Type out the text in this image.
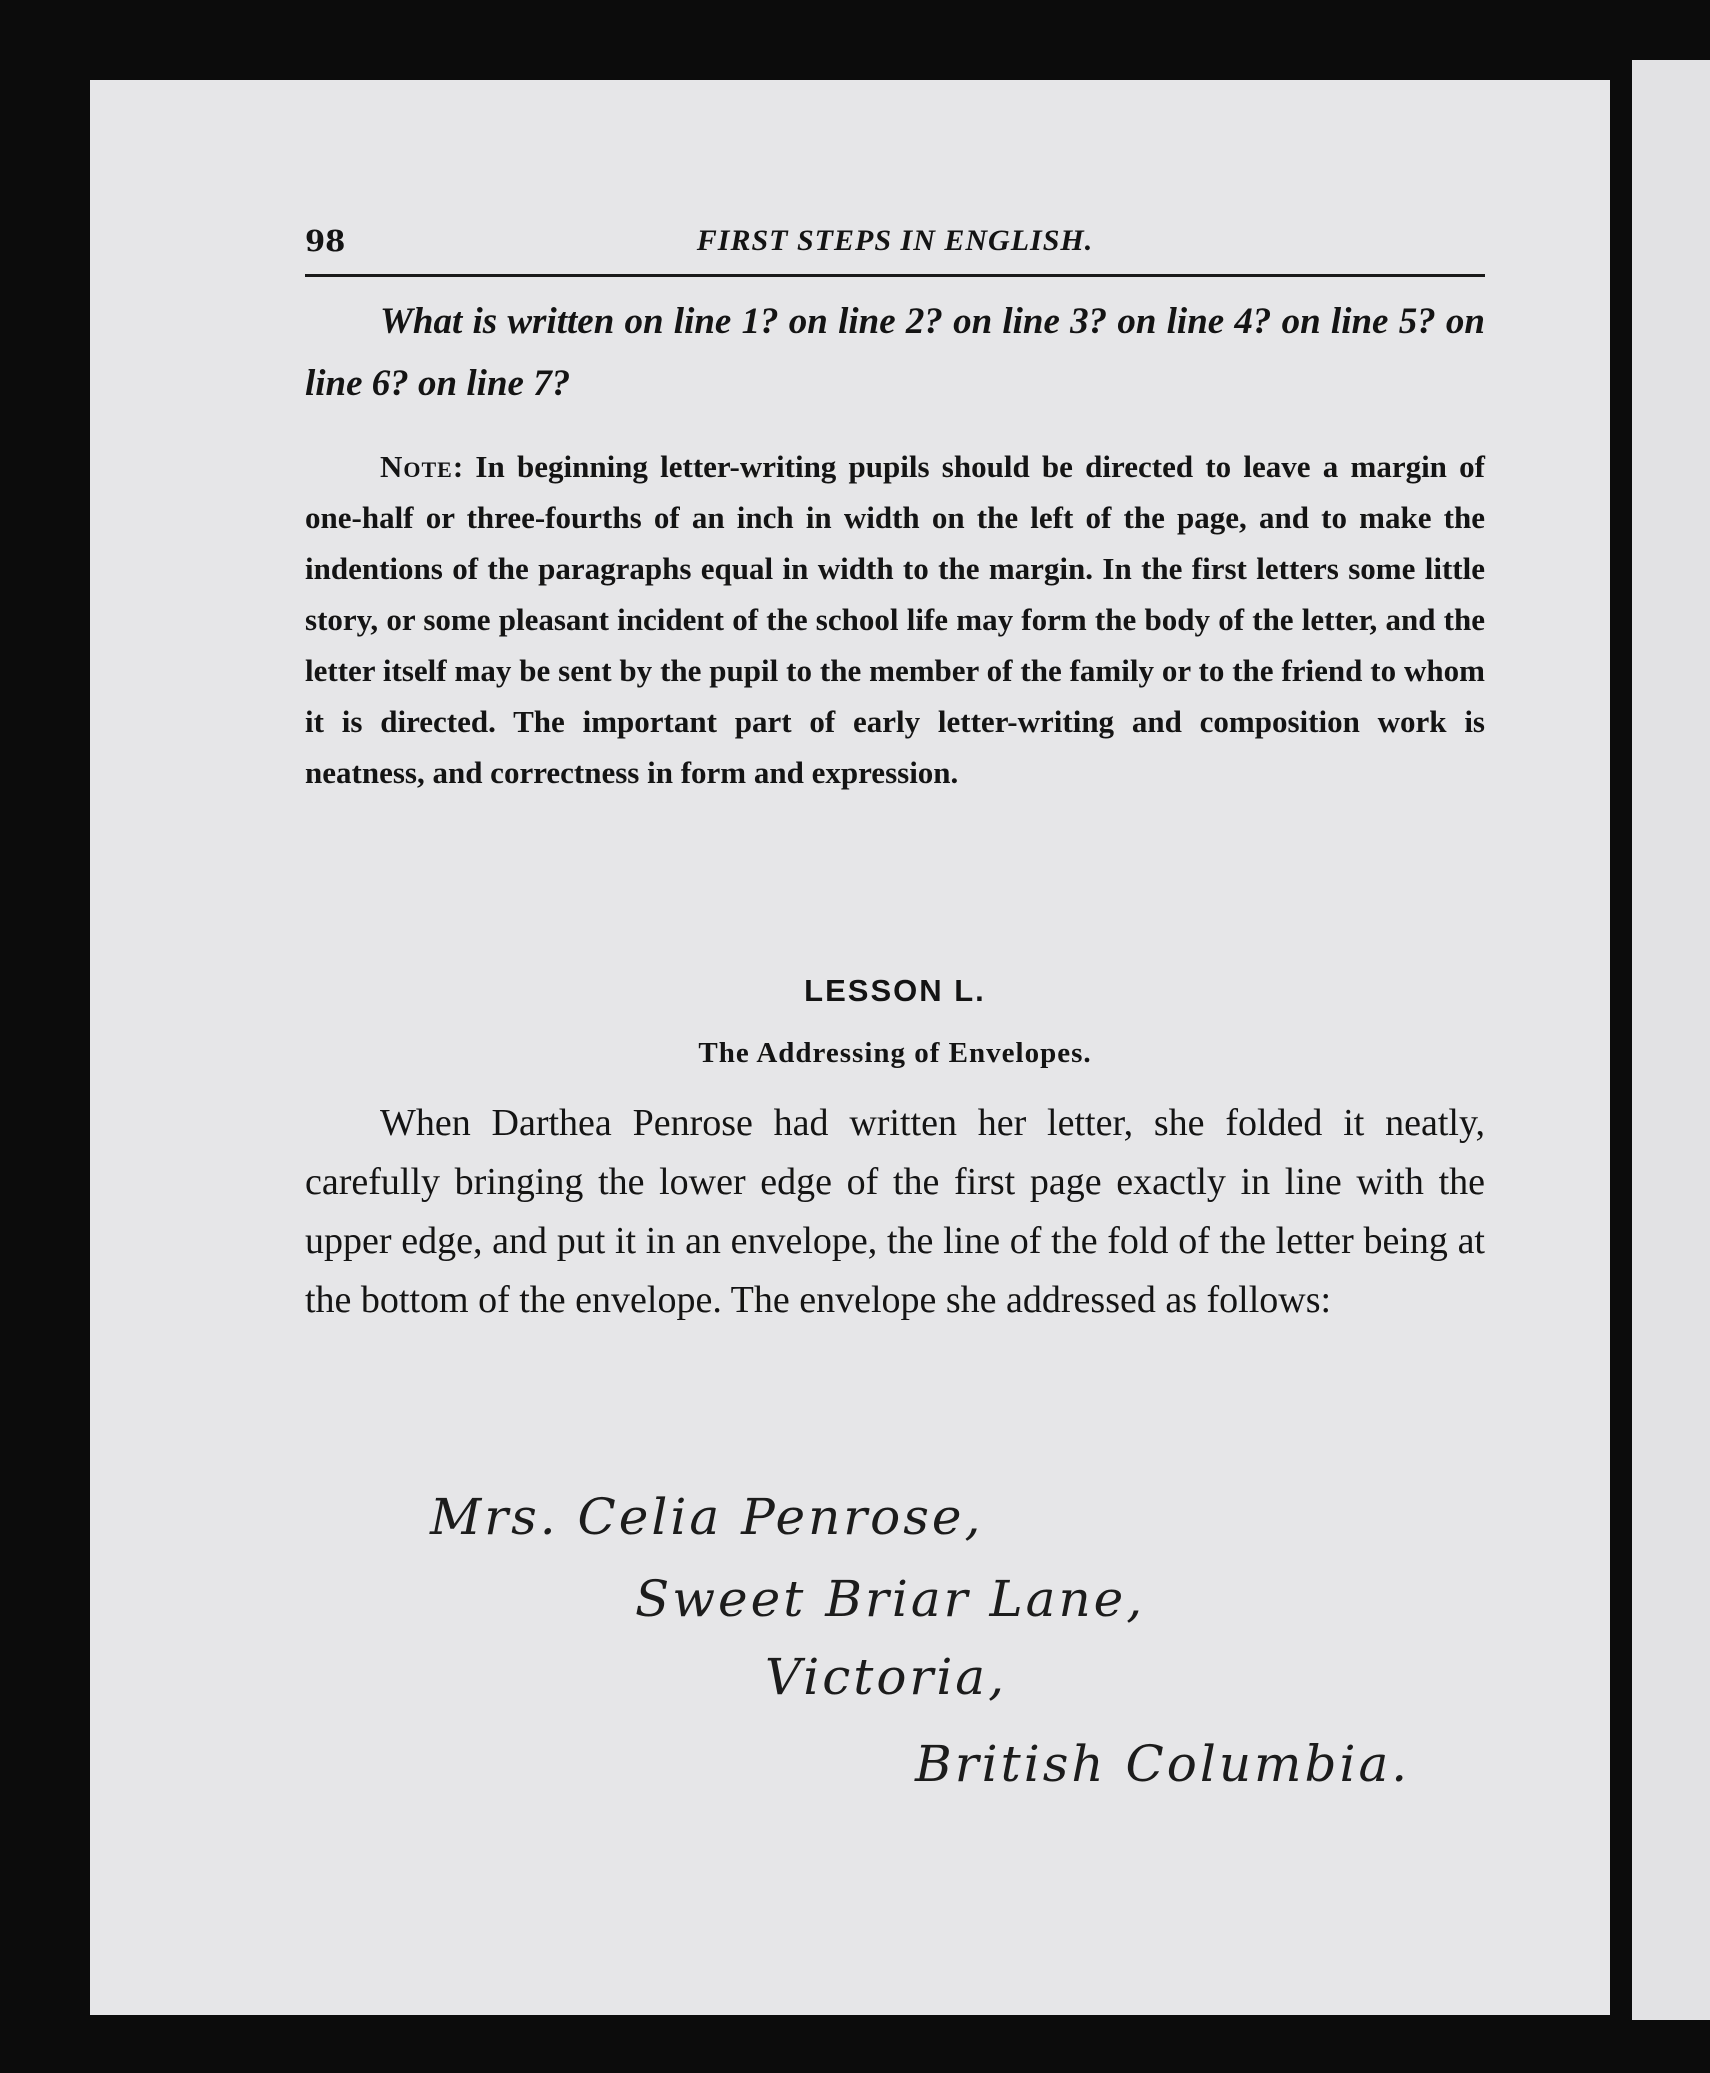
98	FIRST STEPS IN ENGLISH.

What is written on line 1? on line 2? on line 3? on line 4? on line 5? on line 6? on line 7?

Note: In beginning letter-writing pupils should be directed to leave a margin of one-half or three-fourths of an inch in width on the left of the page, and to make the indentions of the paragraphs equal in width to the margin. In the first letters some little story, or some pleasant incident of the school life may form the body of the letter, and the letter itself may be sent by the pupil to the member of the family or to the friend to whom it is directed. The important part of early letter-writing and composition work is neatness, and correctness in form and expression.

LESSON L.
The Addressing of Envelopes.

When Darthea Penrose had written her letter, she folded it neatly, carefully bringing the lower edge of the first page exactly in line with the upper edge, and put it in an envelope, the line of the fold of the letter being at the bottom of the envelope. The envelope she addressed as follows:

Mrs. Celia Penrose,
Sweet Briar Lane,
Victoria,
British Columbia.
